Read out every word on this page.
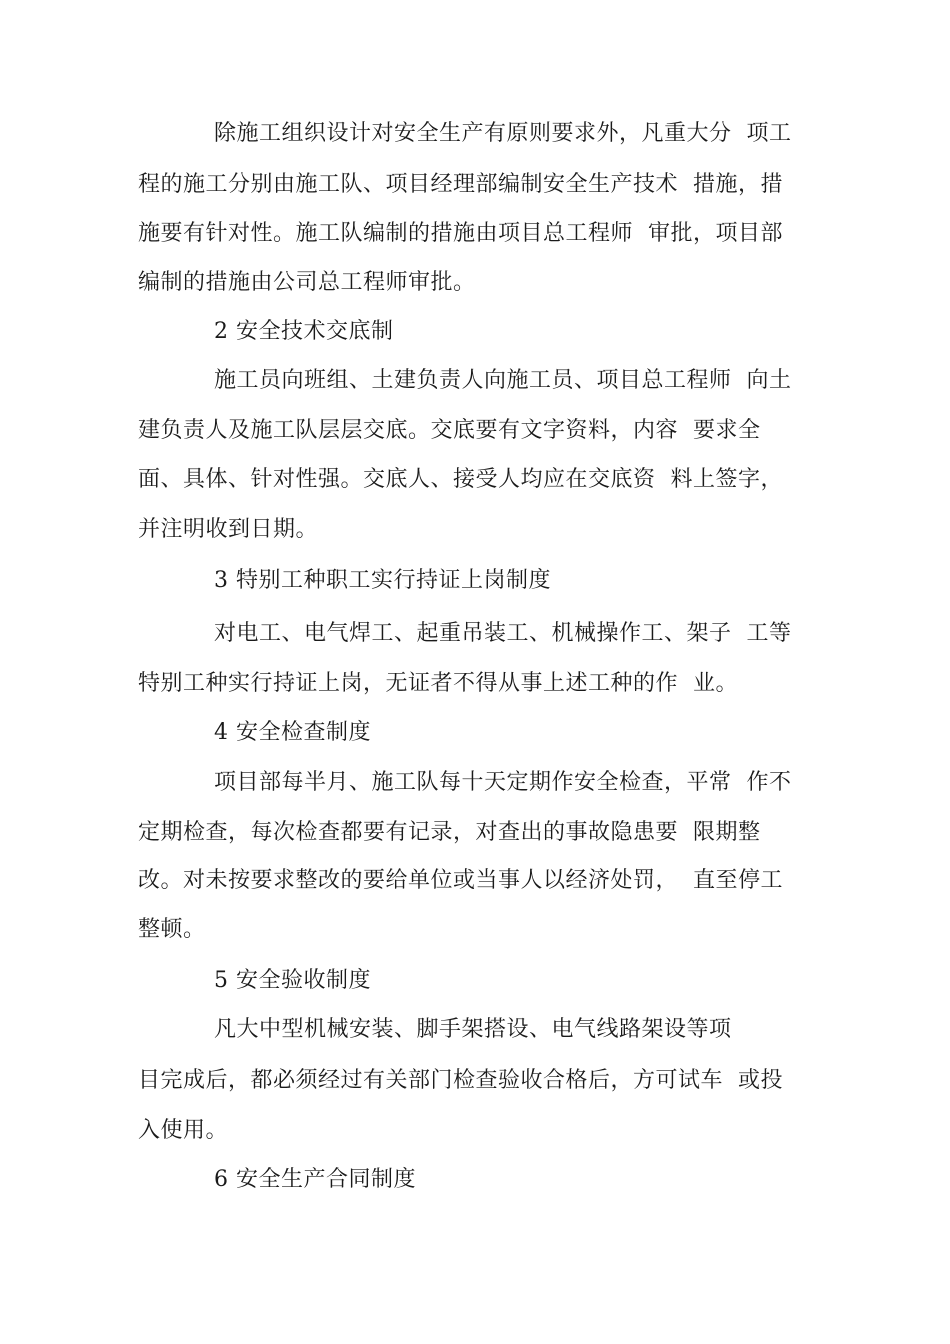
除施工组织设计对安全生产有原则要求外，凡重大分  项工
程的施工分别由施工队、项目经理部编制安全生产技术  措施，措
施要有针对性。施工队编制的措施由项目总工程师  审批，项目部
编制的措施由公司总工程师审批。
2 安全技术交底制
施工员向班组、土建负责人向施工员、项目总工程师  向土
建负责人及施工队层层交底。交底要有文字资料，内容  要求全
面、具体、针对性强。交底人、接受人均应在交底资  料上签字，
并注明收到日期。
3 特别工种职工实行持证上岗制度
对电工、电气焊工、起重吊装工、机械操作工、架子  工等
特别工种实行持证上岗，无证者不得从事上述工种的作  业。
4 安全检查制度
项目部每半月、施工队每十天定期作安全检查，平常  作不
定期检查，每次检查都要有记录，对查出的事故隐患要  限期整
改。对未按要求整改的要给单位或当事人以经济处罚，  直至停工
整顿。
5 安全验收制度
凡大中型机械安装、脚手架搭设、电气线路架设等项
目完成后，都必须经过有关部门检查验收合格后，方可试车  或投
入使用。
6 安全生产合同制度
